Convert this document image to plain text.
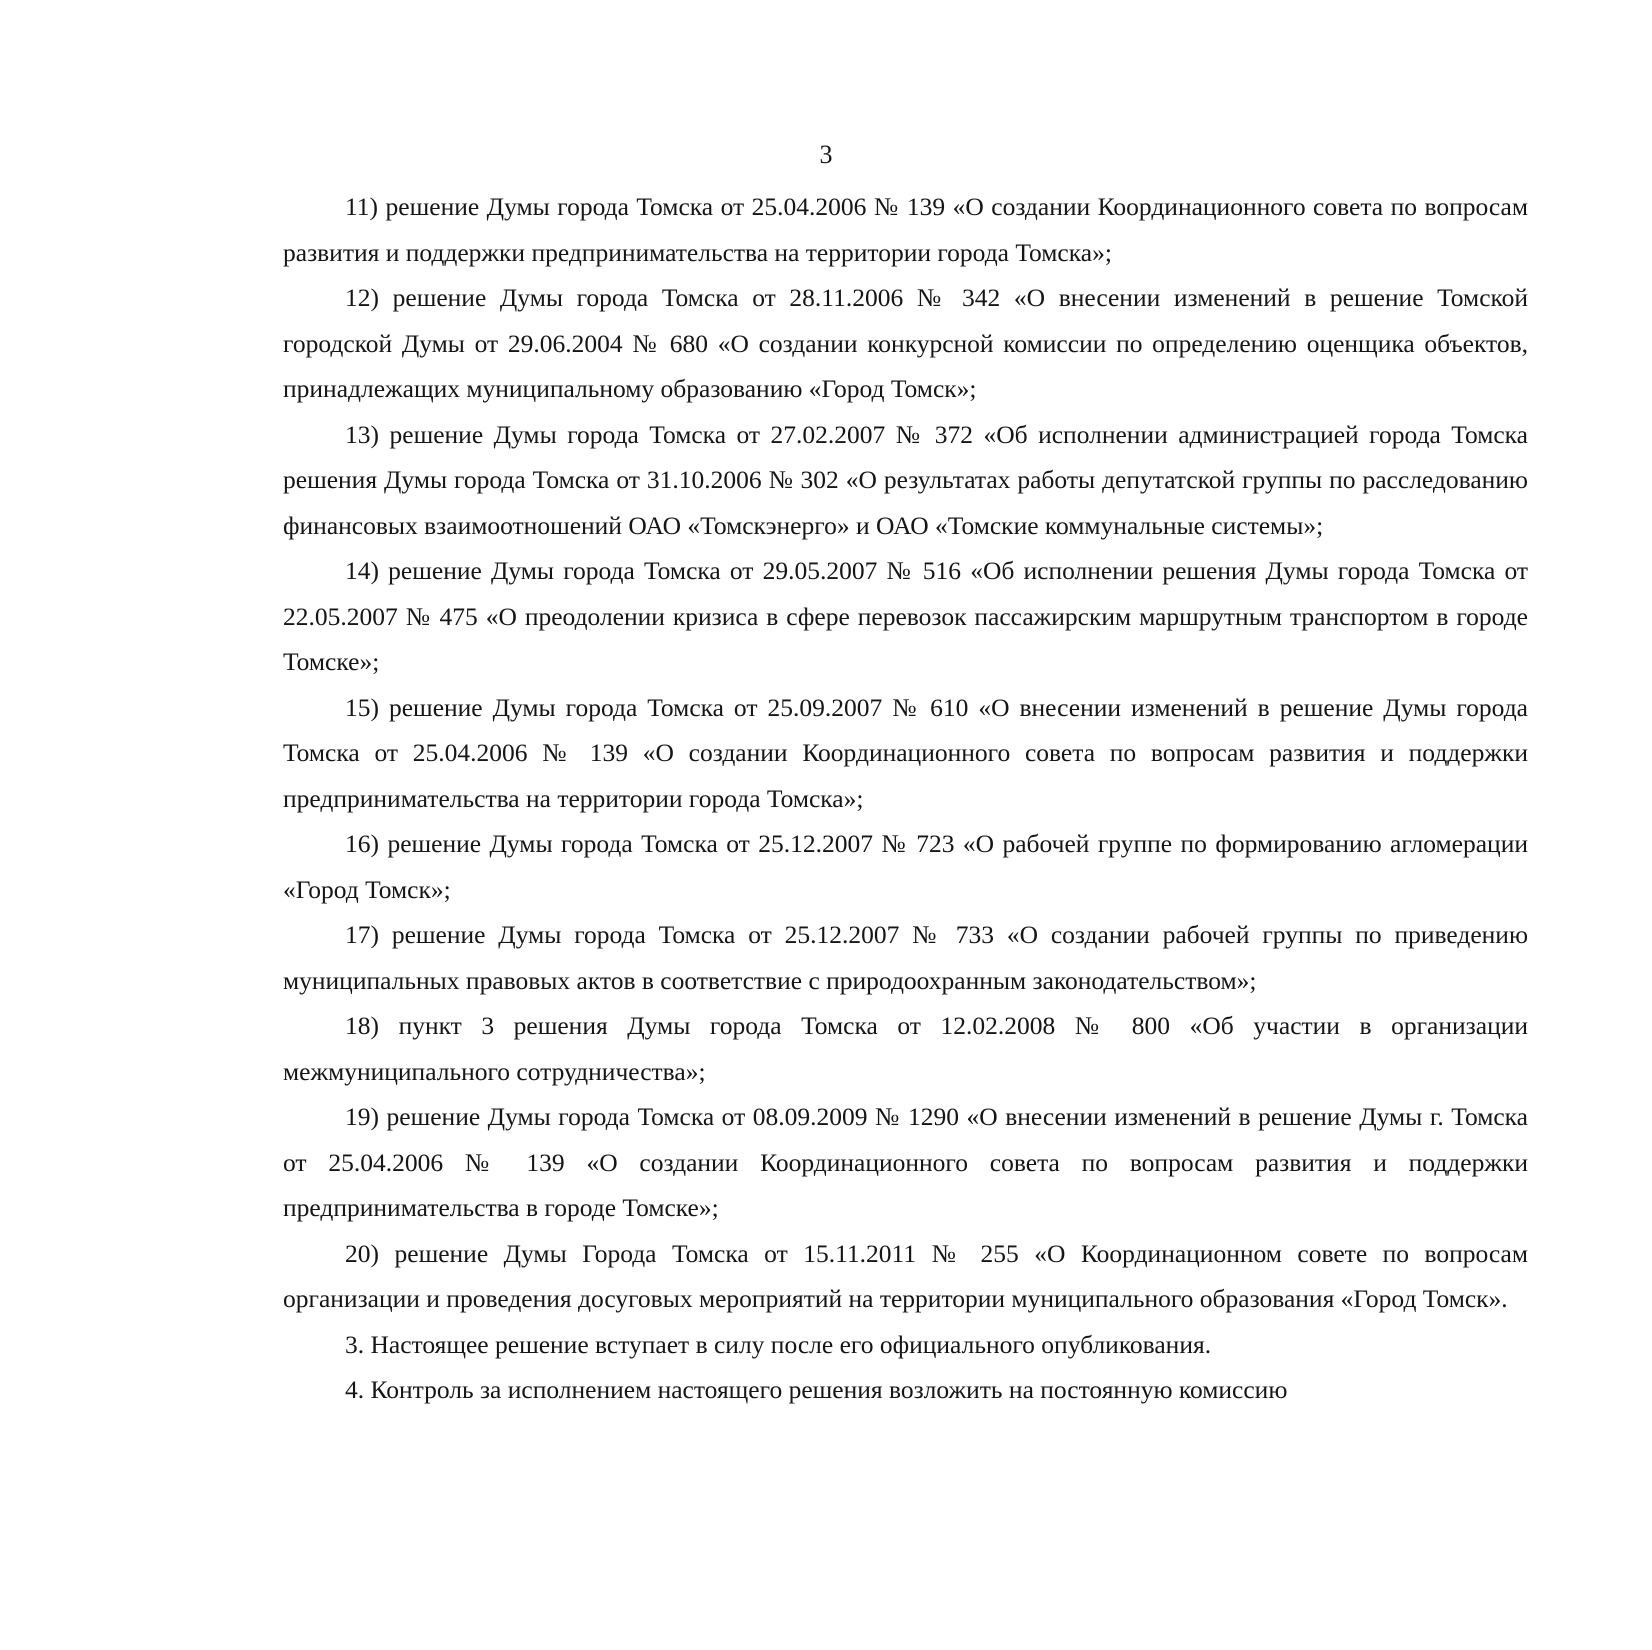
3

11) решение Думы города Томска от 25.04.2006 № 139 «О создании Координационного совета по вопросам развития и поддержки предпринимательства на территории города Томска»;

12) решение Думы города Томска от 28.11.2006 № 342 «О внесении изменений в решение Томской городской Думы от 29.06.2004 № 680 «О создании конкурсной комиссии по определению оценщика объектов, принадлежащих муниципальному образованию «Город Томск»;

13) решение Думы города Томска от 27.02.2007 № 372 «Об исполнении администрацией города Томска решения Думы города Томска от 31.10.2006 № 302 «О результатах работы депутатской группы по расследованию финансовых взаимоотношений ОАО «Томскэнерго» и ОАО «Томские коммунальные системы»;

14) решение Думы города Томска от 29.05.2007 № 516 «Об исполнении решения Думы города Томска от 22.05.2007 № 475 «О преодолении кризиса в сфере перевозок пассажирским маршрутным транспортом в городе Томске»;

15) решение Думы города Томска от 25.09.2007 № 610 «О внесении изменений в решение Думы города Томска от 25.04.2006 № 139 «О создании Координационного совета по вопросам развития и поддержки предпринимательства на территории города Томска»;

16) решение Думы города Томска от 25.12.2007 № 723 «О рабочей группе по формированию агломерации «Город Томск»;

17) решение Думы города Томска от 25.12.2007 № 733 «О создании рабочей группы по приведению муниципальных правовых актов в соответствие с природоохранным законодательством»;

18) пункт 3 решения Думы города Томска от 12.02.2008 № 800 «Об участии в организации межмуниципального сотрудничества»;

19) решение Думы города Томска от 08.09.2009 № 1290 «О внесении изменений в решение Думы г. Томска от 25.04.2006 № 139 «О создании Координационного совета по вопросам развития и поддержки предпринимательства в городе Томске»;

20) решение Думы Города Томска от 15.11.2011 № 255 «О Координационном совете по вопросам организации и проведения досуговых мероприятий на территории муниципального образования «Город Томск».

3. Настоящее решение вступает в силу после его официального опубликования.

4. Контроль за исполнением настоящего решения возложить на постоянную комиссию
